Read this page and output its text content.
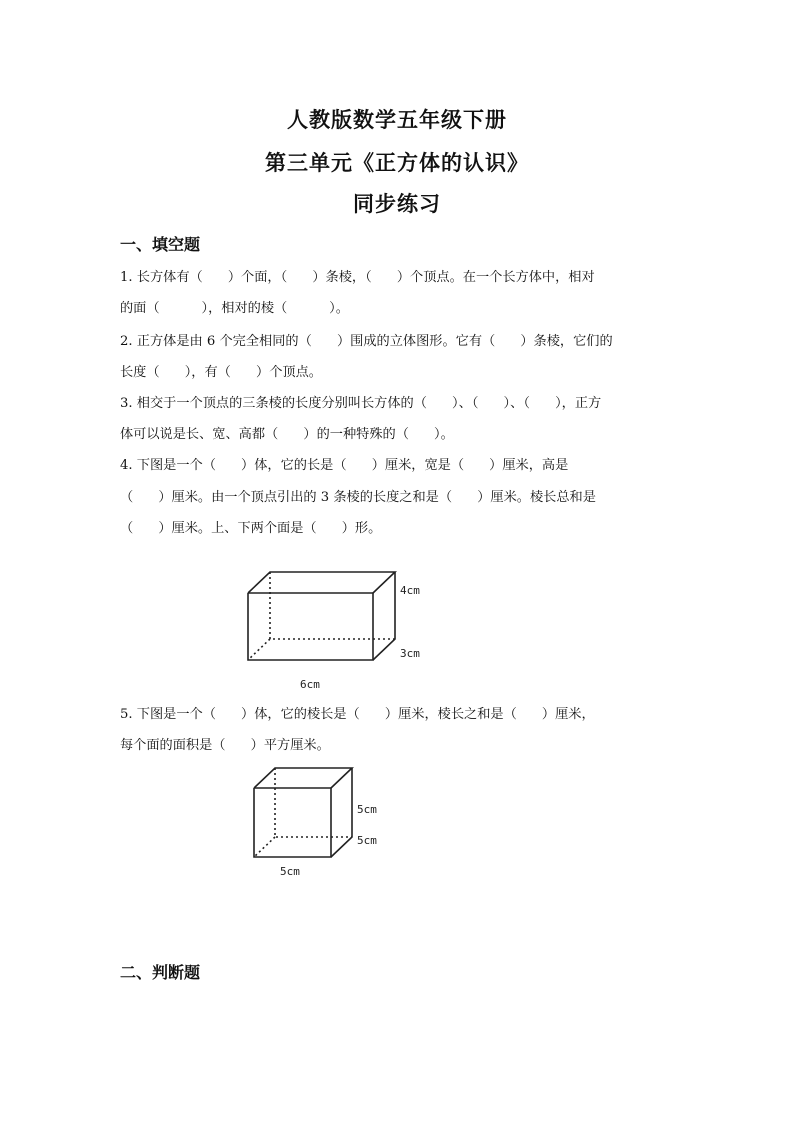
人教版数学五年级下册
第三单元《正方体的认识》
同步练习
一、填空题

1. 长方体有（      ）个面，（      ）条棱，（      ）个顶点。在一个长方体中，相对

的面（          ），相对的棱（          ）。

2. 正方体是由 6 个完全相同的（      ）围成的立体图形。它有（      ）条棱，它们的

长度（      ），有（      ）个顶点。

3. 相交于一个顶点的三条棱的长度分别叫长方体的（      ）、（      ）、（      ），正方

体可以说是长、宽、高都（      ）的一种特殊的（      ）。

4. 下图是一个（      ）体，它的长是（      ）厘米，宽是（      ）厘米，高是

（      ）厘米。由一个顶点引出的 3 条棱的长度之和是（      ）厘米。棱长总和是

（      ）厘米。上、下两个面是（      ）形。

4cm
3cm
6cm

5. 下图是一个（      ）体，它的棱长是（      ）厘米，棱长之和是（      ）厘米，

每个面的面积是（      ）平方厘米。

5cm
5cm
5cm
二、判断题
